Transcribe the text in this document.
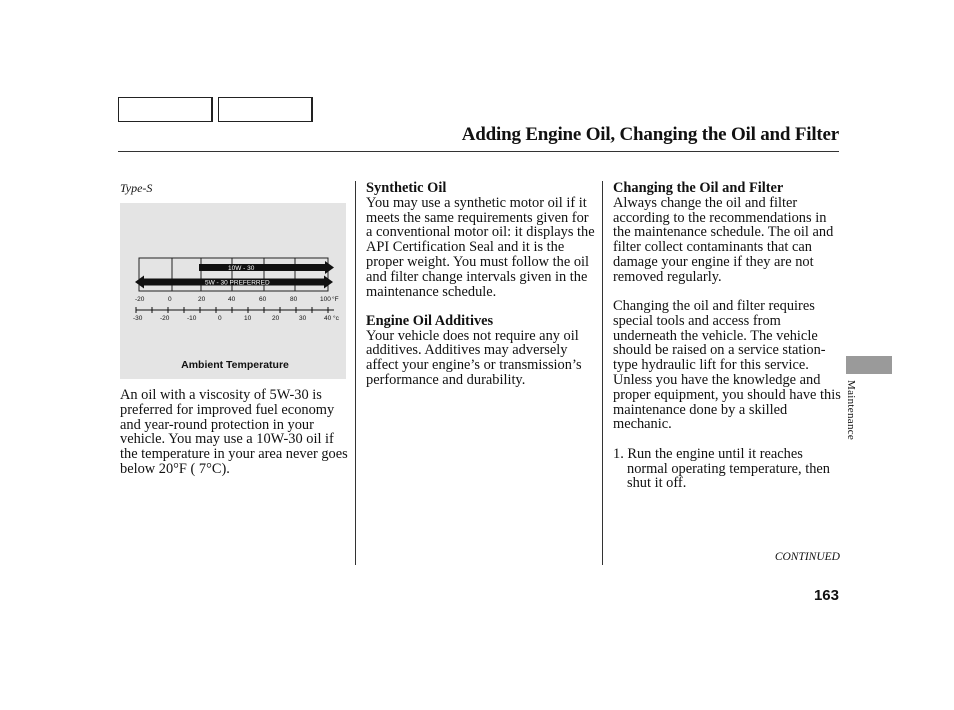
Adding Engine Oil, Changing the Oil and Filter
Type-S
10W - 30
5W - 30 PREFERRED
-20	0	20	40	60	80	100 °F
-30	-20	-10	0	10	20	30	40 °c
Ambient Temperature

An oil with a viscosity of 5W-30 is preferred for improved fuel economy and year-round protection in your vehicle. You may use a 10W-30 oil if the temperature in your area never goes below 20°F ( 7°C).

Synthetic Oil

You may use a synthetic motor oil if it meets the same requirements given for a conventional motor oil: it displays the API Certification Seal and it is the proper weight. You must follow the oil and filter change intervals given in the maintenance schedule.

Engine Oil Additives

Your vehicle does not require any oil additives. Additives may adversely affect your engine’s or transmission’s performance and durability.

Changing the Oil and Filter

Always change the oil and filter according to the recommendations in the maintenance schedule. The oil and filter collect contaminants that can damage your engine if they are not removed regularly.

Changing the oil and filter requires special tools and access from underneath the vehicle. The vehicle should be raised on a service station-type hydraulic lift for this service. Unless you have the knowledge and proper equipment, you should have this maintenance done by a skilled mechanic.

1. Run the engine until it reaches normal operating temperature, then shut it off.
CONTINUED
163
Maintenance
